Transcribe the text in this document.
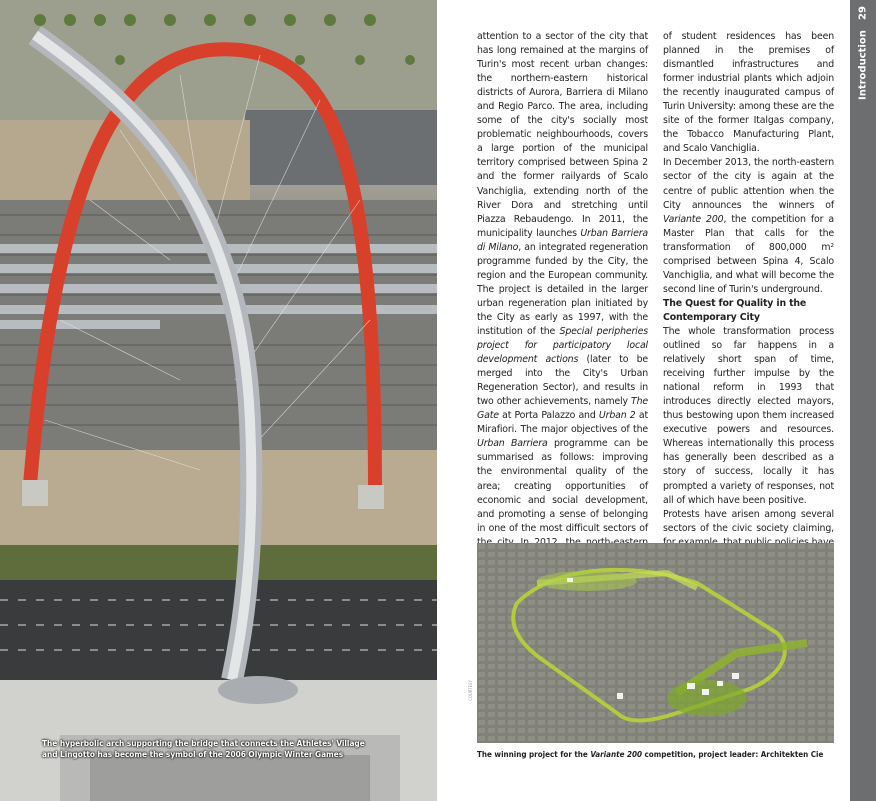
The hyperbolic arch supporting the bridge that connects the Athletes' Village and Lingotto has become the symbol of the 2006 Olympic Winter Games

attention to a sector of the city that has long remained at the margins of Turin's most recent urban changes: the northern-eastern historical districts of Aurora, Barriera di Milano and Regio Parco. The area, including some of the city's socially most problematic neighbourhoods, covers a large portion of the municipal territory comprised between Spina 2 and the former railyards of Scalo Vanchiglia, extending north of the River Dora and stretching until Piazza Rebaudengo. In 2011, the municipality launches Urban Barriera di Milano, an integrated regeneration programme funded by the City, the region and the European community. The project is detailed in the larger urban regeneration plan initiated by the City as early as 1997, with the institution of the Special peripheries project for participatory local development actions (later to be merged into the City's Urban Regeneration Sector), and results in two other achievements, namely The Gate at Porta Palazzo and Urban 2 at Mirafiori. The major objectives of the Urban Barriera programme can be summarised as follows: improving the environmental quality of the area; creating opportunities of economic and social development, and promoting a sense of belonging in one of the most difficult sectors of

of student residences has been planned in the premises of dismantled infrastructures and former industrial plants which adjoin the recently inaugurated campus of Turin University: among these are the site of the former Italgas company, the Tobacco Manufacturing Plant, and Scalo Vanchiglia.

In December 2013, the north-eastern sector of the city is again at the centre of public attention when the City announces the winners of Variante 200, the competition for a Master Plan that calls for the transformation of 800,000 m² comprised between Spina 4, Scalo Vanchiglia, and what will become the second line of Turin's underground.

The Quest for Quality in the Contemporary City

The whole transformation process outlined so far happens in a relatively short span of time, receiving further impulse by the national reform in 1993 that introduces directly elected mayors, thus bestowing upon them increased executive powers and resources. Whereas internationally this process has generally been described as a story of success, locally it has prompted a variety of responses, not all of which have been positive.

Protests have arisen among several sectors of the civic society claiming,

Introduction
29
COURTESY
The winning project for the Variante 200 competition, project leader: Architekten Cie
